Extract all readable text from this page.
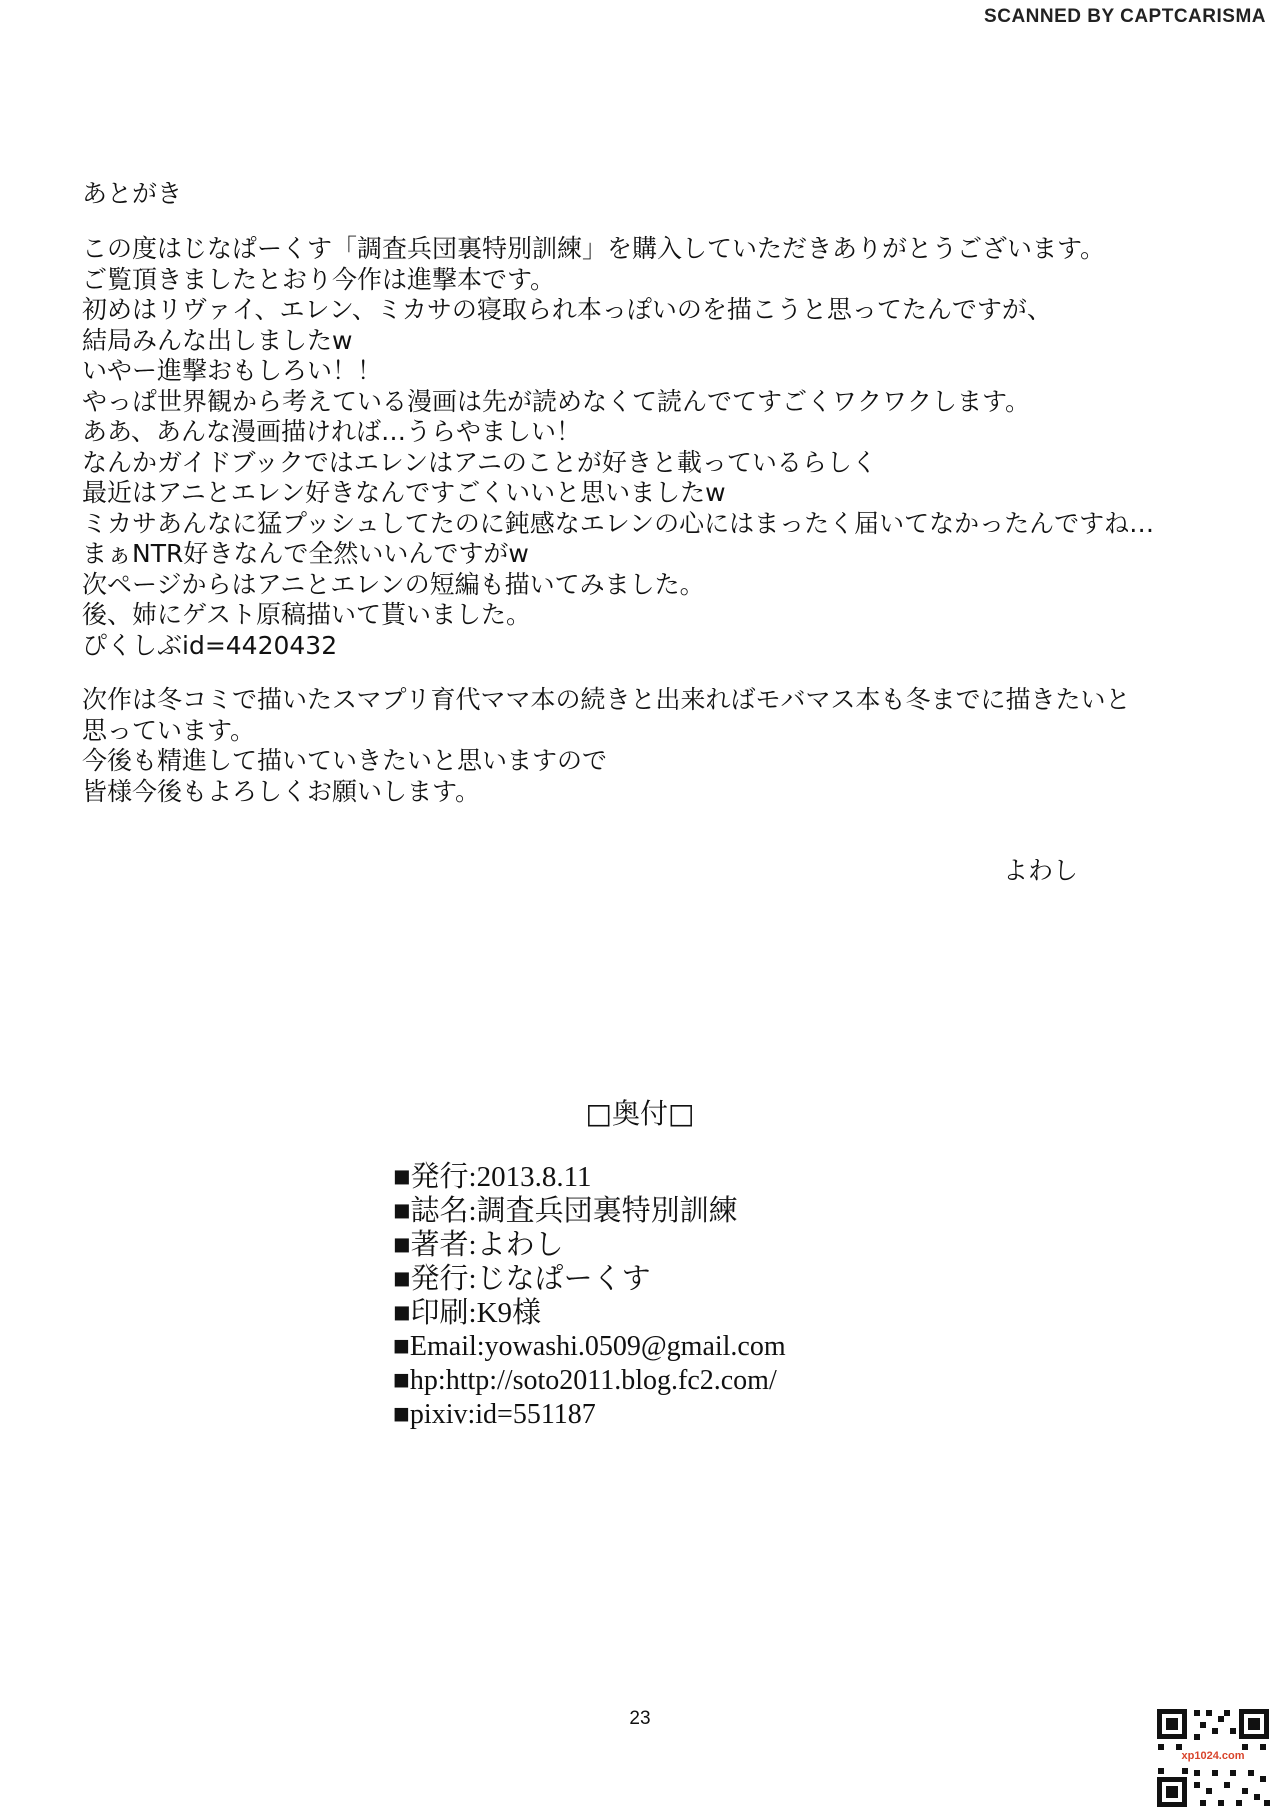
SCANNED BY CAPTCARISMA
あとがき
この度はじなぱーくす「調査兵団裏特別訓練」を購入していただきありがとうございます。
ご覧頂きましたとおり今作は進撃本です。
初めはリヴァイ、エレン、ミカサの寝取られ本っぽいのを描こうと思ってたんですが、
結局みんな出しましたw
いやー進撃おもしろい！！
やっぱ世界観から考えている漫画は先が読めなくて読んでてすごくワクワクします。
ああ、あんな漫画描ければ…うらやましい！
なんかガイドブックではエレンはアニのことが好きと載っているらしく
最近はアニとエレン好きなんですごくいいと思いましたw
ミカサあんなに猛プッシュしてたのに鈍感なエレンの心にはまったく届いてなかったんですね…
まぁNTR好きなんで全然いいんですがw
次ページからはアニとエレンの短編も描いてみました。
後、姉にゲスト原稿描いて貰いました。
ぴくしぶid=4420432
次作は冬コミで描いたスマプリ育代ママ本の続きと出来ればモバマス本も冬までに描きたいと
思っています。
今後も精進して描いていきたいと思いますので
皆様今後もよろしくお願いします。
よわし
□奥付□
■発行:2013.8.11
■誌名:調査兵団裏特別訓練
■著者:よわし
■発行:じなぱーくす
■印刷:K9様
■Email:yowashi.0509@gmail.com
■hp:http://soto2011.blog.fc2.com/
■pixiv:id=551187
23
xp1024.com
